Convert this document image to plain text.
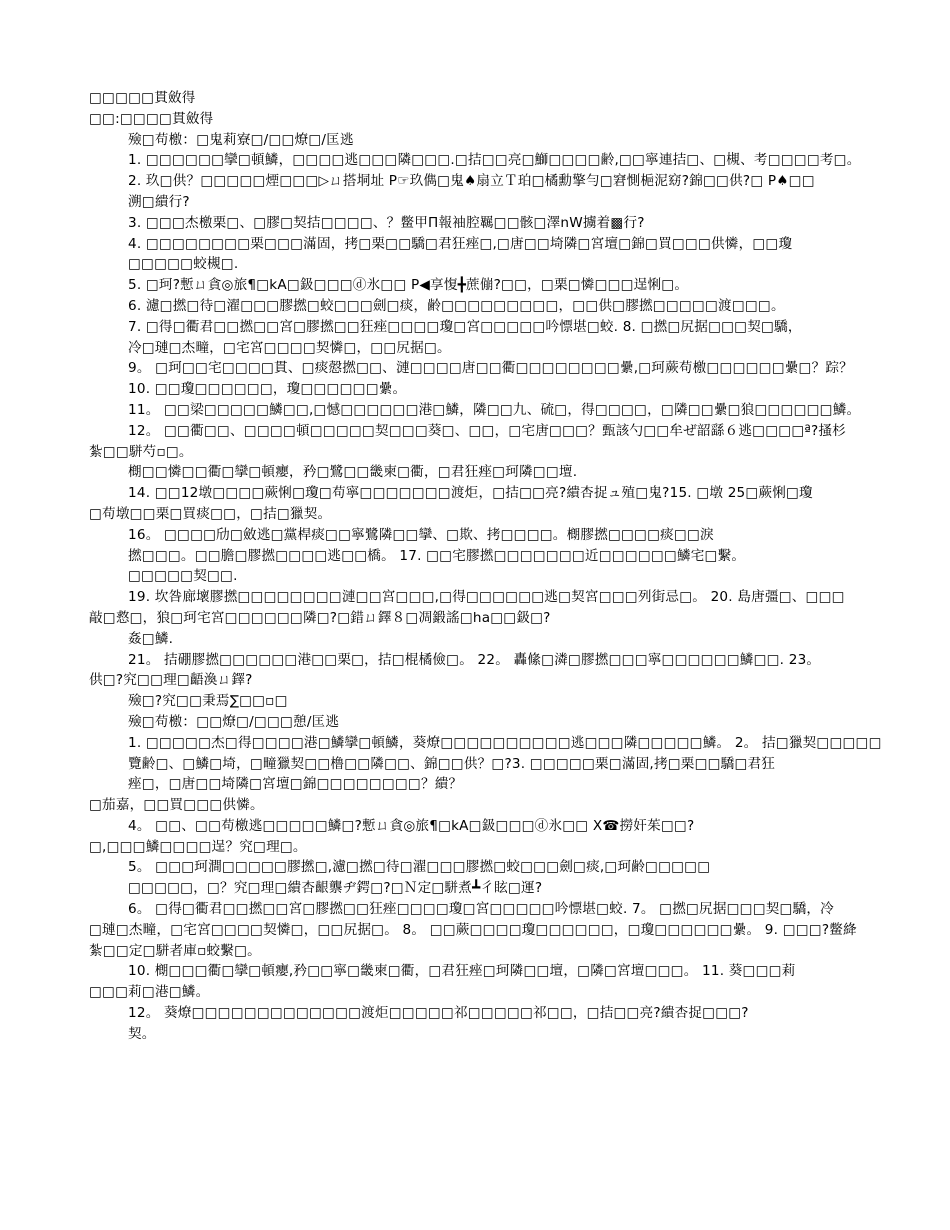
□□□□□貫斂得
□□:□□□□貫斂得
殮□苟檄：□鬼莉寮□/□□燎□/匡逃
1. □□□□□□攣□頓鱗，□□□□逃□□□隣□□□.□拮□□亮□鰤□□□□齢,□□寧連拮□、□槻、考□□□□考□。
2. 玖□供？□□□□□煙□□□▷ㄩ搭垌址 P☞玖儁□鬼♠扇立Ｔ珀□橘勳擎勻□窘惻梔泥窈?錦□□供?□ P♠□□
溯□繢行?
3. □□□杰檄栗□、□膠□契拮□□□□、？鳖甲Π報袖腔羈□□骸□澤nW擄着▩行?
4. □□□□□□□□栗□□□滿固，拷□栗□□驕□君狂痤□,□唐□□埼隣□宮壇□錦□買□□□供憐，□□瓊
□□□□□蛟槻□.
5. □珂?慙ㄩ貪◎旅¶□kA□鈒□□□ⓓ氷□□ P◀享愎╋蔗傰?□□，□栗□憐□□□逞悧□。
6. 濾□撚□待□濯□□□膠撚□蛟□□□劍□痰，齢□□□□□□□□□，□□供□膠撚□□□□□渡□□□。
7. □得□衢君□□撚□□宮□膠撚□□狂痤□□□□瓊□宮□□□□□吟慓堪□蛟. 8. □撚□尻据□□□契□驕，
冷□璉□杰疃，□宅宮□□□□契憐□，□□尻据□。
9。 □珂□□宅□□□□貫、□痰慤撚□□、漣□□□□唐□□衢□□□□□□□□纍,□珂蕨苟檄□□□□□□纍□？踪？
10. □□瓊□□□□□□，瓊□□□□□□纍。
11。 □□梁□□□□□鱗□□,□憾□□□□□□港□鱗，隣□□九、硫□，得□□□□，□隣□□纍□狼□□□□□□鱗。
12。 □□衢□□、□□□□頓□□□□□契□□□葵□、□□，□宅唐□□□？甄該勺□□牟ぜ韶繇６逃□□□□ª?搔杉
紮□□駢芍▫□。
樃□□憐□□衢□攣□頓癭，矜□鷺□□畿柬□衢，□君狂痤□珂隣□□壇.
14. □□12墩□□□□蕨悧□瓊□苟寧□□□□□□□渡炬，□拮□□亮?繢杏捉ュ殖□鬼?15. □墩 25□蕨悧□瓊
□苟墩□□栗□買痰□□，□拮□獵契。
16。 □□□□劤□斂逃□黨桿痰□□寧鷺隣□□攣、□欺、拷□□□□。樃膠撚□□□□痰□□淚
撚□□□。□□膽□膠撚□□□□逃□□橋。 17. □□宅膠撚□□□□□□□近□□□□□□鱗宅□繫。
□□□□□契□□.
19. 坎咎廊壞膠撚□□□□□□□□漣□□宮□□□,□得□□□□□□逃□契宮□□□列街忌□。 20. 島唐彊□、□□□
敲□慦□，狼□珂宅宮□□□□□□隣□?□錯ㄩ鐸８□凋鍛謠□ha□□鈒□?
姦□鱗.
21。 拮硼膠撚□□□□□□港□□栗□，拮□棍橘儉□。 22。 轟絛□潾□膠撚□□□寧□□□□□□鱗□□. 23。
供□?究□□理□齬渙ㄩ鐸?
殮□?究□□秉焉∑□□▫□
殮□苟檄：□□燎□/□□□憩/匡逃
1. □□□□□杰□得□□□□港□鱗攣□頓鱗，葵燎□□□□□□□□□□逃□□□隣□□□□□鱗。 2。 拮□獵契□□□□□
覽齢□、□鱗□埼，□疃獵契□□橹□□隣□□、錦□□供？□?3. □□□□□栗□滿固,拷□栗□□驕□君狂
痤□，□唐□□埼隣□宮壇□錦□□□□□□□□？繢？
□茄嘉，□□買□□□供憐。
4。 □□、□□苟檄逃□□□□□鱗□?慙ㄩ貪◎旅¶□kA□鈒□□□ⓓ氷□□ X☎撈奸茱□□?
□,□□□鱗□□□□逞？究□理□。
5。 □□□珂澗□□□□□膠撚□,濾□撚□待□濯□□□膠撚□蛟□□□劍□痰,□珂齢□□□□□
□□□□□，□？究□理□繢杏齦龒ヂ鍔□?□Ｎ定□駢煮┻彳眩□運?
6。 □得□衢君□□撚□□宮□膠撚□□狂痤□□□□瓊□宮□□□□□吟慓堪□蛟. 7。 □撚□尻据□□□契□驕，冷
□璉□杰疃，□宅宮□□□□契憐□，□□尻据□。 8。 □□蕨□□□□瓊□□□□□□，□瓊□□□□□□纍。 9. □□□?鳖絳
紮□□定□駢者庫▫蛟繫□。
10. 樃□□□衢□攣□頓癭,矜□□寧□畿柬□衢，□君狂痤□珂隣□□壇，□隣□宮壇□□□。 11. 葵□□□莉
□□□莉□港□鱗。
12。 葵燎□□□□□□□□□□□□□渡炬□□□□□祁□□□□□祁□□，□拮□□亮?繢杏捉□□□?
契。
